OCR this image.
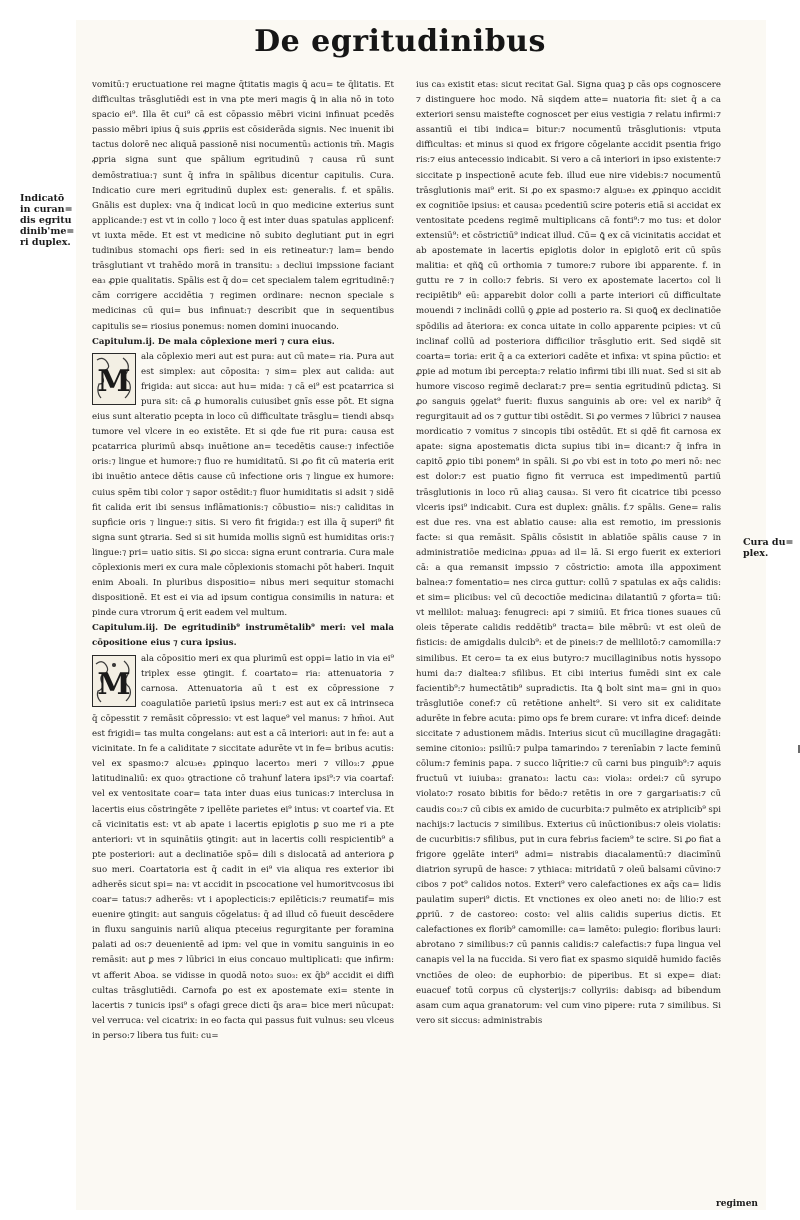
De egritudinibus
Indicatō
in curan=
dis egritu
dinib'me=
ri duplex.
Cura du=
plex.

vomitū:⁊ eructuatione rei magne q̄titatis magis ꝗ̄ acu= te q̄litatis. Et difficultas trāsglutiēdi est in vna pte meri magis ꝗ̄ in alia nō in toto spacio ei⁹. Illa ēt cui⁹ cā est cōpassio mēbri vicini infinuat pcedēs passio mēbri ipius ꝗ̄ suis ꝓpriis est cōsiderāda signis. Nec inuenit ibi tactus dolorē nec aliquā passionē nisi nocumentū₃ actionis tm̄. Magis ꝓpria signa sunt que spālium egritudinū ⁊ causa rū sunt demōstratiua:⁊ sunt q̄ infra in spālibus dicentur capitulis. Cura. Indicatio cure meri egritudinū duplex est: generalis. f. et spālis. Gnālis est duplex: vna q̄ indicat locū in quo medicine exterius sunt applicande:⁊ est vt in collo ⁊ loco q̄ est inter duas spatulas applicenf: vt iuxta mēde. Et est vt medicine nō subito deglutiant ꝑut in egri tudinibus stomachi ops fieri: sed in eis retineatur:⁊ lam= bendo trāsglutiant vt trahēdo morā in transitu: ₃ decliui impssione faciant ea₃ ꝓpie qualitatis. Spālis est q̄ do= cet specialem talem egritudinē:⁊ cām corrigere accidētia ⁊ regimen ordinare: necnon speciale s medicinas cū qui= bus infinuat:⁊ describit que in sequentibus capitulis se= riosius ponemus: nomen domini inuocando.

Capitulum.ij. De mala cōplexione meri ⁊ cura eius.

M

ala cōplexio meri aut est pura: aut cū mate= ria. Pura aut est simplex: aut cōposita: ⁊ sim= plex aut calida: aut frigida: aut sicca: aut hu= mida: ⁊ cā ei⁹ est pcatarrica si pura sit: cā ꝓ humoralis cuiusibet gnīs esse pōt. Et signa eius sunt alteratio pcepta in loco cū difficultate trāsglu= tiendi absq₃ tumore vel vlcere in eo existēte. Et si qde fue rit pura: causa est pcatarrica plurimū absq₃ inuētione an= tecedētis cause:⁊ infectiōe oris:⁊ lingue et humore:⁊ fluo re humiditatū. Si ꝓo fit cū materia erit ibi inuētio antece dētis cause cū infectione oris ⁊ lingue ex humore: cuius spēm tibi color ⁊ sapor ostēdit:⁊ fluor humiditatis si adsit ⁊ sidē fit calida erit ibi sensus inflāmationis:⁊ cōbustio= nis:⁊ caliditas in supficie oris ⁊ lingue:⁊ sitis. Si vero fit frigida:⁊ est illa q̄ superi⁹ fit signa sunt ꝯtraria. Sed si sit humida mollis signū est humiditas oris:⁊ lingue:⁊ pri= uatio sitis. Si ꝓo sicca: signa erunt contraria. Cura male cōplexionis meri ex cura male cōplexionis stomachi pōt haberi. Inquit enim Aboali. In pluribus dispositio= nibus meri sequitur stomachi dispositionē. Et est ei via ad ipsum contigua consimilis in natura: et pinde cura vtrorum ꝗ̄ erit eadem vel multum.

Capitulum.iij. De egritudinib⁹ instrumētalib⁹ meri: vel mala cōpositione eius ⁊ cura ipsius.

M

ala cōpositio meri ex qua plurimū est oppi= latio in via ei⁹ triplex esse ꝯtingit. f. coartato= ria: attenuatoria ⁊ carnosa. Attenuatoria aū t est ex cōpressione ⁊ coagulatiōe parietū ipsius meri:⁊ est aut ex cā intrinseca q̄ cōpesstit ⁊ remāsit cōpressio: vt est laque⁹ vel manus: ⁊ hm̄oi. Aut est frigidi= tas multa congelans: aut est a cā interiori: aut in fe: aut a vicinitate. In fe a caliditate ⁊ siccitate adurēte vt in fe= bribus acutis: vel ex spasmo:⁊ alcu₃e₃ ꝓpinquo lacerto₃ meri ⁊ villo₃:⁊ ꝓpue latitudinaliū: ex quo₃ ꝯtractione cō trahunf latera ipsi⁹:⁊ via coartaf: vel ex ventositate coar= tata inter duas eius tunicas:⁊ interclusa in lacertis eius cōstringēte ⁊ ipellēte parietes ei⁹ intus: vt coartef via. Et cā vicinitatis est: vt ab apate i lacertis epiglotis ꝑ suo me ri a pte anteriori: vt in squinātiis ꝯtingit: aut in lacertis colli respicientib⁹ a pte posteriori: aut a declinatiōe spō= dili s dislocatā ad anteriora ꝑ suo meri. Coartatoria est q̄ cadit in ei⁹ via aliqua res exterior ibi adherēs sicut spi= na: vt accidit in pscocatione vel humoritvcosus ibi coar= tatus:⁊ adherēs: vt i apoplecticis:⁊ epilēticis:⁊ reumatif= mis euenire ꝯtingit: aut sanguis cōgelatus: q̄ ad illud cō fueuit descēdere in fluxu sanguinis nariū aliqua pteceius regurgitante per foramina palati ad os:⁊ deuenientē ad ipm: vel que in vomitu sanguinis in eo remāsit: aut ꝑ mes ⁊ lūbrici in eius concauo multiplicati: que infirm: vt afferit Aboa. se vidisse in quodā noto₃ suo₃: ex q̄b⁹ accidit ei diffi cultas trāsglutiēdi. Carnofa ꝑo est ex apostemate exi= stente in lacertis ⁊ tunicis ipsi⁹ s ofagi grece dicti q̄s ara= bice meri nūcupat: vel verruca: vel cicatrix: in eo facta qui passus fuit vulnus: seu vlceus in perso:⁊ libera tus fuit: cu=

ius ca₃ existit etas: sicut recitat Gal. Signa quaꝫ p cās ops cognoscere ⁊ distinguere hoc modo. Nā siqdem atte= nuatoria fit: siet q̄ a ca exteriori sensu maistefte cognoscet per eius vestigia ⁊ relatu infirmi:⁊ assantiū ei tibi indica= bitur:⁊ nocumentū trāsglutionis: vtputa difficultas: et minus si quod ex frigore cōgelante accidit psentia frigo ris:⁊ eius antecessio indicabit. Si vero a cā interiori in ipso existente:⁊ siccitate p inspectionē acute feb. illud eue nire videbis:⁊ nocumentū trāsglutionis mai⁹ erit. Si ꝓo ex spasmo:⁊ algu₃e₃ ex ꝓpinquo accidit ex cognitiōe ipsius: et causa₃ pcedentiū scire poteris etiā si accidat ex ventositate pcedens regimē multiplicans cā fonti⁹:⁊ mo tus: et dolor extensiū⁹: et cōstrictiū⁹ indicat illud. Cū= ꝗ̄ ex cā vicinitatis accidat et ab apostemate in lacertis epiglotis dolor in epiglotō erit cū spūs malitia: et qñꝗ̄ cū orthomia ⁊ tumore:⁊ rubore ibi apparente. f. in guttu re ⁊ in collo:⁊ febris. Si vero ex apostemate lacerto₃ col li recipiētib⁹ eū: apparebit dolor colli a parte interiori cū difficultate mouendi ⁊ inclinādi collū ꝯ ꝓpie ad posterio ra. Si quoꝗ̄ ex declinatiōe spōdilis ad āteriora: ex conca uitate in collo apparente pcipies: vt cū inclinaf collū ad posteriora difficilior trāsglutio erit. Sed siqdē sit coarta= toria: erit q̄ a ca exteriori cadēte et infixa: vt spina pūctio: et ꝓpie ad motum ibi percepta:⁊ relatio infirmi tibi illi nuat. Sed si sit ab humore viscoso regimē declarat:⁊ pre= sentia egritudinū pdictaꝫ. Si ꝓo sanguis ꝯgelat⁹ fuerit: fluxus sanguinis ab ore: vel ex narib⁹ q̄ regurgitauit ad os ⁊ guttur tibi ostēdit. Si ꝓo vermes ⁊ lūbrici ⁊ nausea mordicatio ⁊ vomitus ⁊ sincopis tibi ostēdūt. Et si qdē fit carnosa ex apate: signa apostematis dicta supius tibi in= dicant:⁊ q̄ infra in capitō ꝓpio tibi ponem⁹ in spāli. Si ꝓo vbi est in toto ꝓo meri nō: nec est dolor:⁊ est puatio figno fit verruca est impedimentū partiū trāsglutionis in loco rū aliaꝫ causa₃. Si vero fit cicatrice tibi pcesso vlceris ipsi⁹ indicabit. Cura est duplex: gnālis. f.⁊ spālis. Gene= ralis est due res. vna est ablatio cause: alia est remotio, im pressionis facte: si qua remāsit. Spālis cōsistit in ablatiōe spālis cause ⁊ in administratiōe medicina₃ ꝓpua₃ ad il= lā. Si ergo fuerit ex exteriori cā: a qua remansit impssio ⁊ cōstrictio: amota illa appoximent balnea:⁊ fomentatio= nes circa guttur: collū ⁊ spatulas ex aq̄s calidis: et sim= plicibus: vel cū decoctiōe medicina₃ dilatantiū ⁊ ꝯforta= tiū: vt mellilot: maluaꝫ: fenugreci: api ⁊ simiiū. Et frica tiones suaues cū oleis tēperate calidis reddētib⁹ tracta= bile mēbrū: vt est oleū de fisticis: de amigdalis dulcib⁹: et de pineis:⁊ de mellilotō:⁊ camomilla:⁊ similibus. Et cero= ta ex eius butyro:⁊ mucillaginibus notis hyssopo humi da:⁊ dialtea:⁊ sfilibus. Et cibi interius fumēdi sint ex cale facientib⁹:⁊ humectātib⁹ supradictis. Ita ꝗ̄ bolt sint ma= gni in quo₃ trāsglutiōe conef:⁊ cū retētione anhelt⁹. Si vero sit ex caliditate adurēte in febre acuta: pimo ops fe brem curare: vt infra dicef: deinde siccitate ⁊ adustionem mādis. Interius sicut cū mucillagine dragagāti: semine citonio₃: psiliū:⁊ pulpa tamarindo₃ ⁊ terenīabin ⁊ lacte feminū cōlum:⁊ feminis papa. ⁊ succo liq̄ritie:⁊ cū carni bus pinguib⁹:⁊ aquis fructuū vt iuiuba₃: granato₃: lactu ca₃: viola₃: ordei:⁊ cū syrupo violato:⁊ rosato bibitis for bēdo:⁊ retētis in ore ⁊ gargari₃atis:⁊ cū caudis co₃:⁊ cū cibis ex amido de cucurbita:⁊ pulmēto ex atriplicib⁹ spi nachijs:⁊ lactucis ⁊ similibus. Exterius cū inūctionibus:⁊ oleis violatis: de cucurbitis:⁊ sfilibus, put in cura febri₃s faciem⁹ te scire. Si ꝓo fiat a frigore ꝯgelāte interi⁹ admi= nistrabis diacalamentū:⁊ diacimīnū diatrion syrupū de hasce: ⁊ ythiaca: mitridatū ⁊ oleū balsami cūvino:⁊ cibos ⁊ pot⁹ calidos notos. Exteri⁹ vero calefactiones ex aq̄s ca= lidis paulatim superi⁹ dictis. Et vnctiones ex oleo aneti no: de lilio:⁊ est ꝓpriū. ⁊ de castoreo: costo: vel aliis calidis superius dictis. Et calefactiones ex florib⁹ camomille: ca= lamēto: pulegio: floribus lauri: abrotano ⁊ similibus:⁊ cū pannis calidis:⁊ calefactis:⁊ fupa lingua vel canapis vel la na fuccida. Si vero fiat ex spasmo siquidē humido faciēs vnctiōes de oleo: de euphorbio: de piperibus. Et si expe= diat: euacuef totū corpus cū clysterijs:⁊ collyriis: dabisq₃ ad bibendum asam cum aqua granatorum: vel cum vino pipere: ruta ⁊ similibus. Si vero sit siccus: administrabis

regimen
